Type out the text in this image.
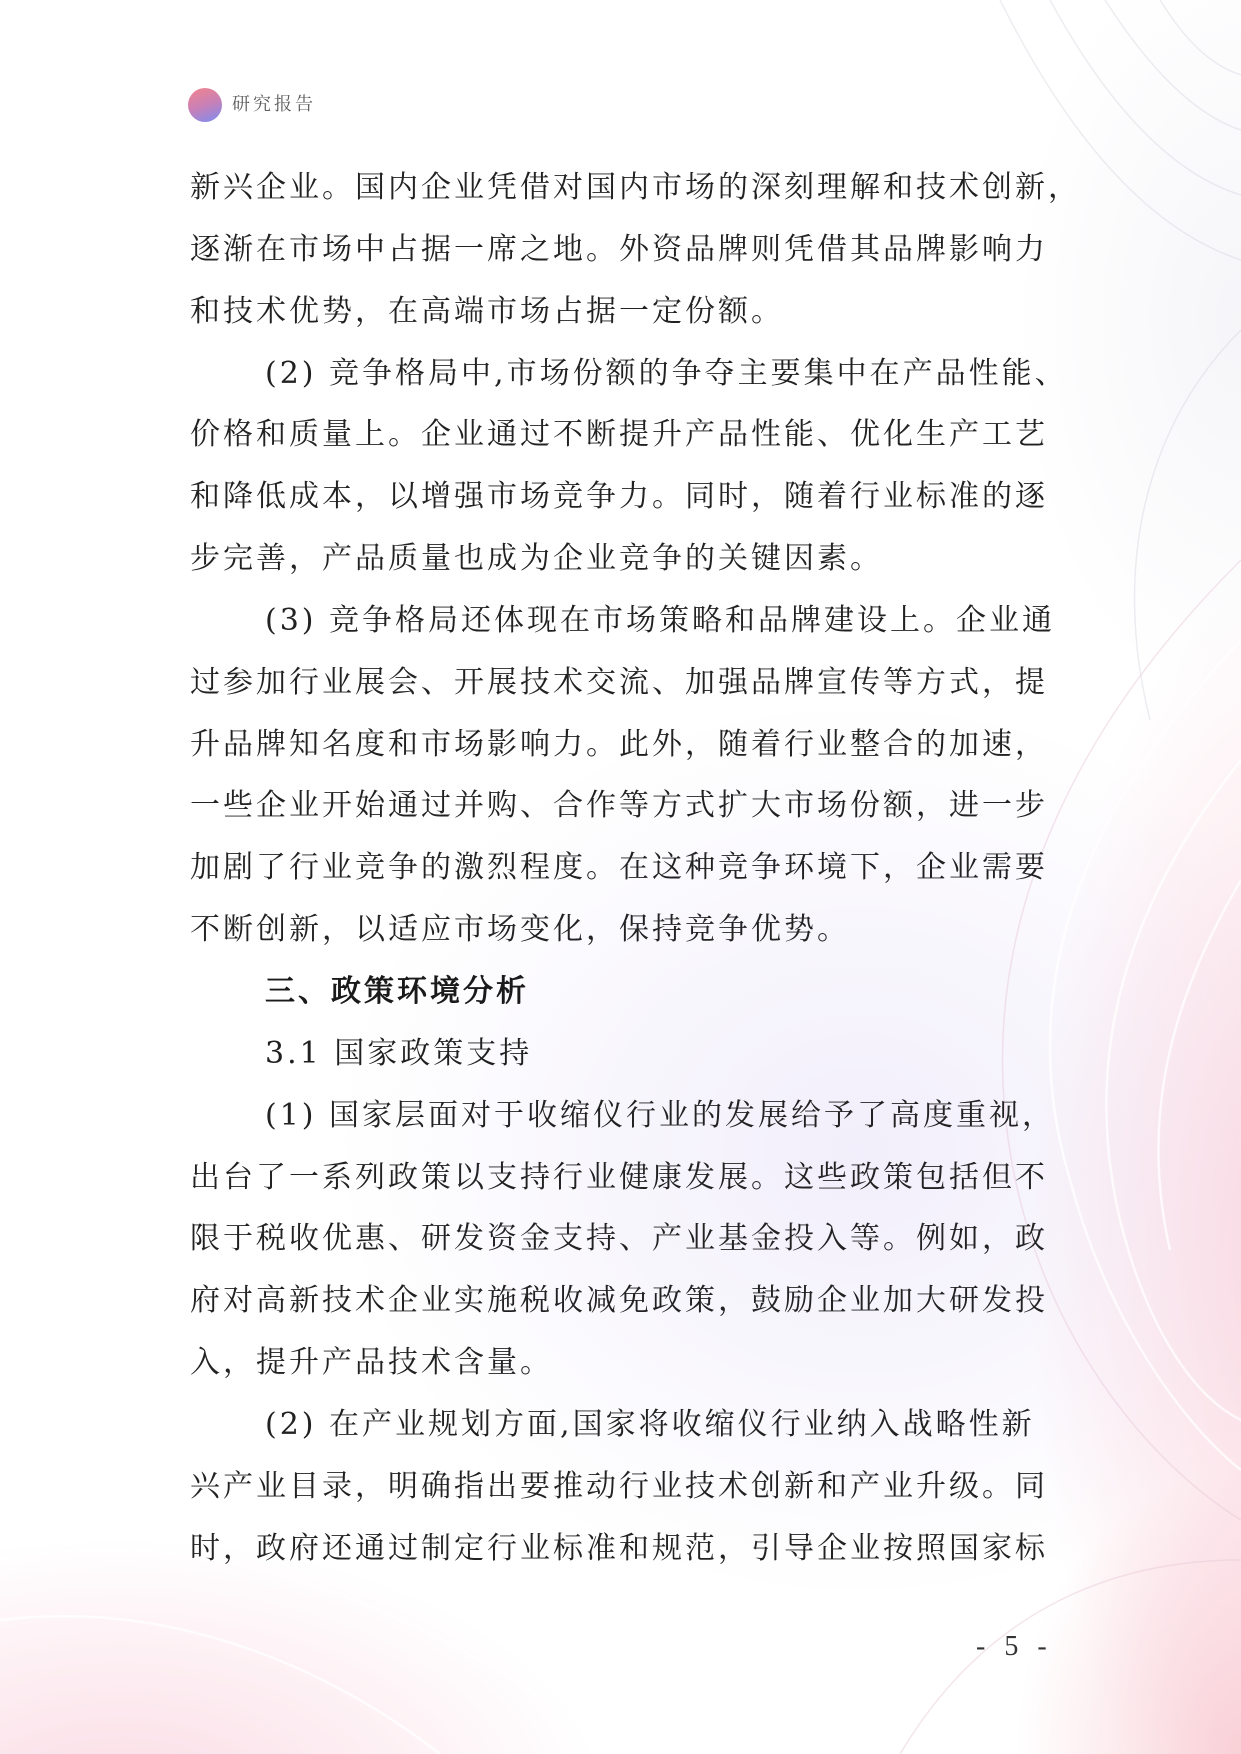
研究报告
新兴企业。国内企业凭借对国内市场的深刻理解和技术创新，
逐渐在市场中占据一席之地。外资品牌则凭借其品牌影响力
和技术优势，在高端市场占据一定份额。
(2) 竞争格局中,市场份额的争夺主要集中在产品性能、
价格和质量上。企业通过不断提升产品性能、优化生产工艺
和降低成本，以增强市场竞争力。同时，随着行业标准的逐
步完善，产品质量也成为企业竞争的关键因素。
(3) 竞争格局还体现在市场策略和品牌建设上。企业通
过参加行业展会、开展技术交流、加强品牌宣传等方式，提
升品牌知名度和市场影响力。此外，随着行业整合的加速，
一些企业开始通过并购、合作等方式扩大市场份额，进一步
加剧了行业竞争的激烈程度。在这种竞争环境下，企业需要
不断创新，以适应市场变化，保持竞争优势。
三、政策环境分析
3.1 国家政策支持
(1) 国家层面对于收缩仪行业的发展给予了高度重视，
出台了一系列政策以支持行业健康发展。这些政策包括但不
限于税收优惠、研发资金支持、产业基金投入等。例如，政
府对高新技术企业实施税收减免政策，鼓励企业加大研发投
入，提升产品技术含量。
(2) 在产业规划方面,国家将收缩仪行业纳入战略性新
兴产业目录，明确指出要推动行业技术创新和产业升级。同
时，政府还通过制定行业标准和规范，引导企业按照国家标
- 5 -
